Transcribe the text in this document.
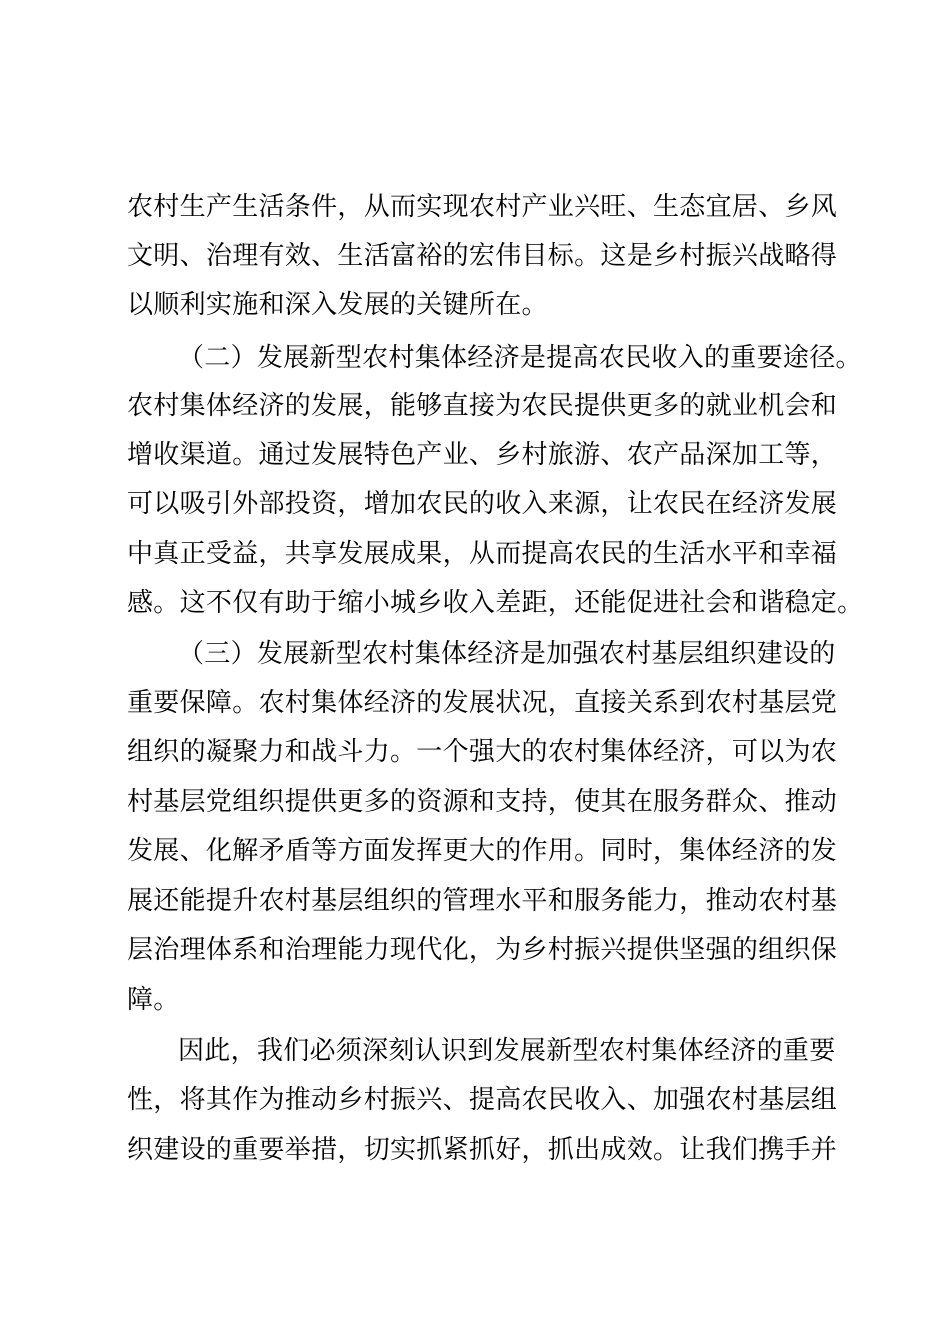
农村生产生活条件，从而实现农村产业兴旺、生态宜居、乡风
文明、治理有效、生活富裕的宏伟目标。这是乡村振兴战略得
以顺利实施和深入发展的关键所在。
（二）发展新型农村集体经济是提高农民收入的重要途径。
农村集体经济的发展，能够直接为农民提供更多的就业机会和
增收渠道。通过发展特色产业、乡村旅游、农产品深加工等，
可以吸引外部投资，增加农民的收入来源，让农民在经济发展
中真正受益，共享发展成果，从而提高农民的生活水平和幸福
感。这不仅有助于缩小城乡收入差距，还能促进社会和谐稳定。
（三）发展新型农村集体经济是加强农村基层组织建设的
重要保障。农村集体经济的发展状况，直接关系到农村基层党
组织的凝聚力和战斗力。一个强大的农村集体经济，可以为农
村基层党组织提供更多的资源和支持，使其在服务群众、推动
发展、化解矛盾等方面发挥更大的作用。同时，集体经济的发
展还能提升农村基层组织的管理水平和服务能力，推动农村基
层治理体系和治理能力现代化，为乡村振兴提供坚强的组织保
障。
因此，我们必须深刻认识到发展新型农村集体经济的重要
性，将其作为推动乡村振兴、提高农民收入、加强农村基层组
织建设的重要举措，切实抓紧抓好，抓出成效。让我们携手并
